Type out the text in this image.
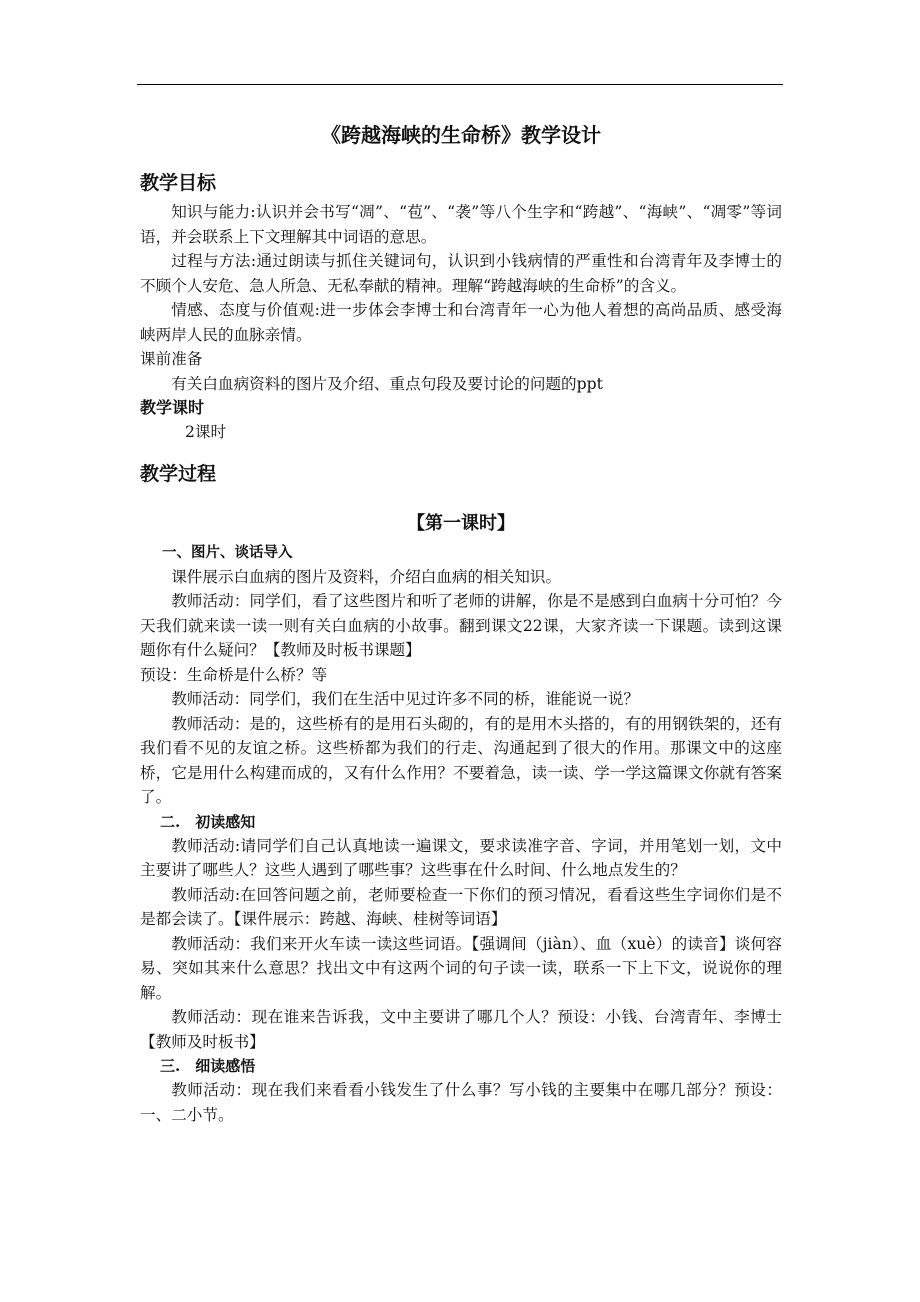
《跨越海峡的生命桥》教学设计
教学目标

知识与能力:认识并会书写“凋”、“苞”、“袭”等八个生字和“跨越”、“海峡”、“凋零”等词语，并会联系上下文理解其中词语的意思。

过程与方法:通过朗读与抓住关键词句，认识到小钱病情的严重性和台湾青年及李博士的不顾个人安危、急人所急、无私奉献的精神。理解“跨越海峡的生命桥”的含义。

情感、态度与价值观:进一步体会李博士和台湾青年一心为他人着想的高尚品质、感受海峡两岸人民的血脉亲情。

课前准备

有关白血病资料的图片及介绍、重点句段及要讨论的问题的ppt

教学课时

2课时

教学过程
【第一课时】
一、图片、谈话导入

课件展示白血病的图片及资料，介绍白血病的相关知识。

教师活动：同学们，看了这些图片和听了老师的讲解，你是不是感到白血病十分可怕？今天我们就来读一读一则有关白血病的小故事。翻到课文22课，大家齐读一下课题。读到这课题你有什么疑问？【教师及时板书课题】

预设：生命桥是什么桥？等

教师活动：同学们，我们在生活中见过许多不同的桥，谁能说一说？

教师活动：是的，这些桥有的是用石头砌的，有的是用木头搭的，有的用钢铁架的，还有我们看不见的友谊之桥。这些桥都为我们的行走、沟通起到了很大的作用。那课文中的这座桥，它是用什么构建而成的，又有什么作用？不要着急，读一读、学一学这篇课文你就有答案了。

二.　初读感知

教师活动:请同学们自己认真地读一遍课文，要求读准字音、字词，并用笔划一划，文中主要讲了哪些人？这些人遇到了哪些事？这些事在什么时间、什么地点发生的？

教师活动:在回答问题之前，老师要检查一下你们的预习情况，看看这些生字词你们是不是都会读了。【课件展示：跨越、海峡、桂树等词语】

教师活动：我们来开火车读一读这些词语。【强调间（jiàn）、血（xuè）的读音】谈何容易、突如其来什么意思？找出文中有这两个词的句子读一读，联系一下上下文，说说你的理解。

教师活动：现在谁来告诉我，文中主要讲了哪几个人？预设：小钱、台湾青年、李博士【教师及时板书】

三.　细读感悟

教师活动：现在我们来看看小钱发生了什么事？写小钱的主要集中在哪几部分？预设：一、二小节。
